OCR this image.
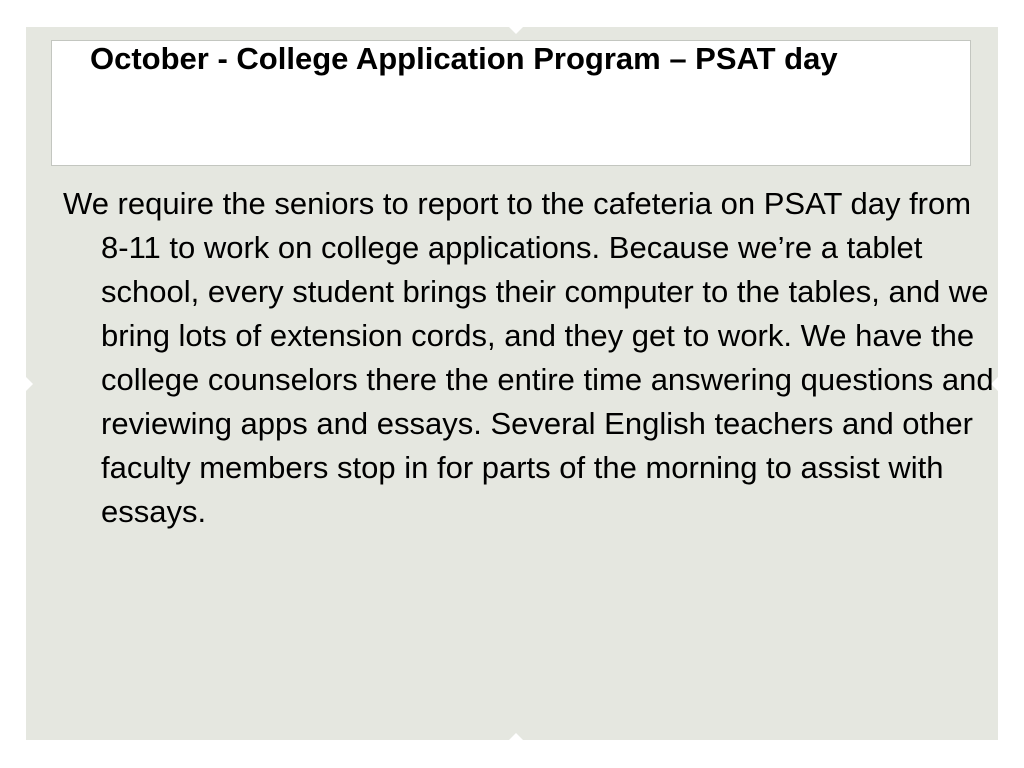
October - College Application Program – PSAT day

We require the seniors to report to the cafeteria on PSAT day from 8-11 to work on college applications. Because we’re a tablet school, every student brings their computer to the tables, and we bring lots of extension cords, and they get to work. We have the college counselors there the entire time answering questions and reviewing apps and essays. Several English teachers and other faculty members stop in for parts of the morning to assist with essays.
